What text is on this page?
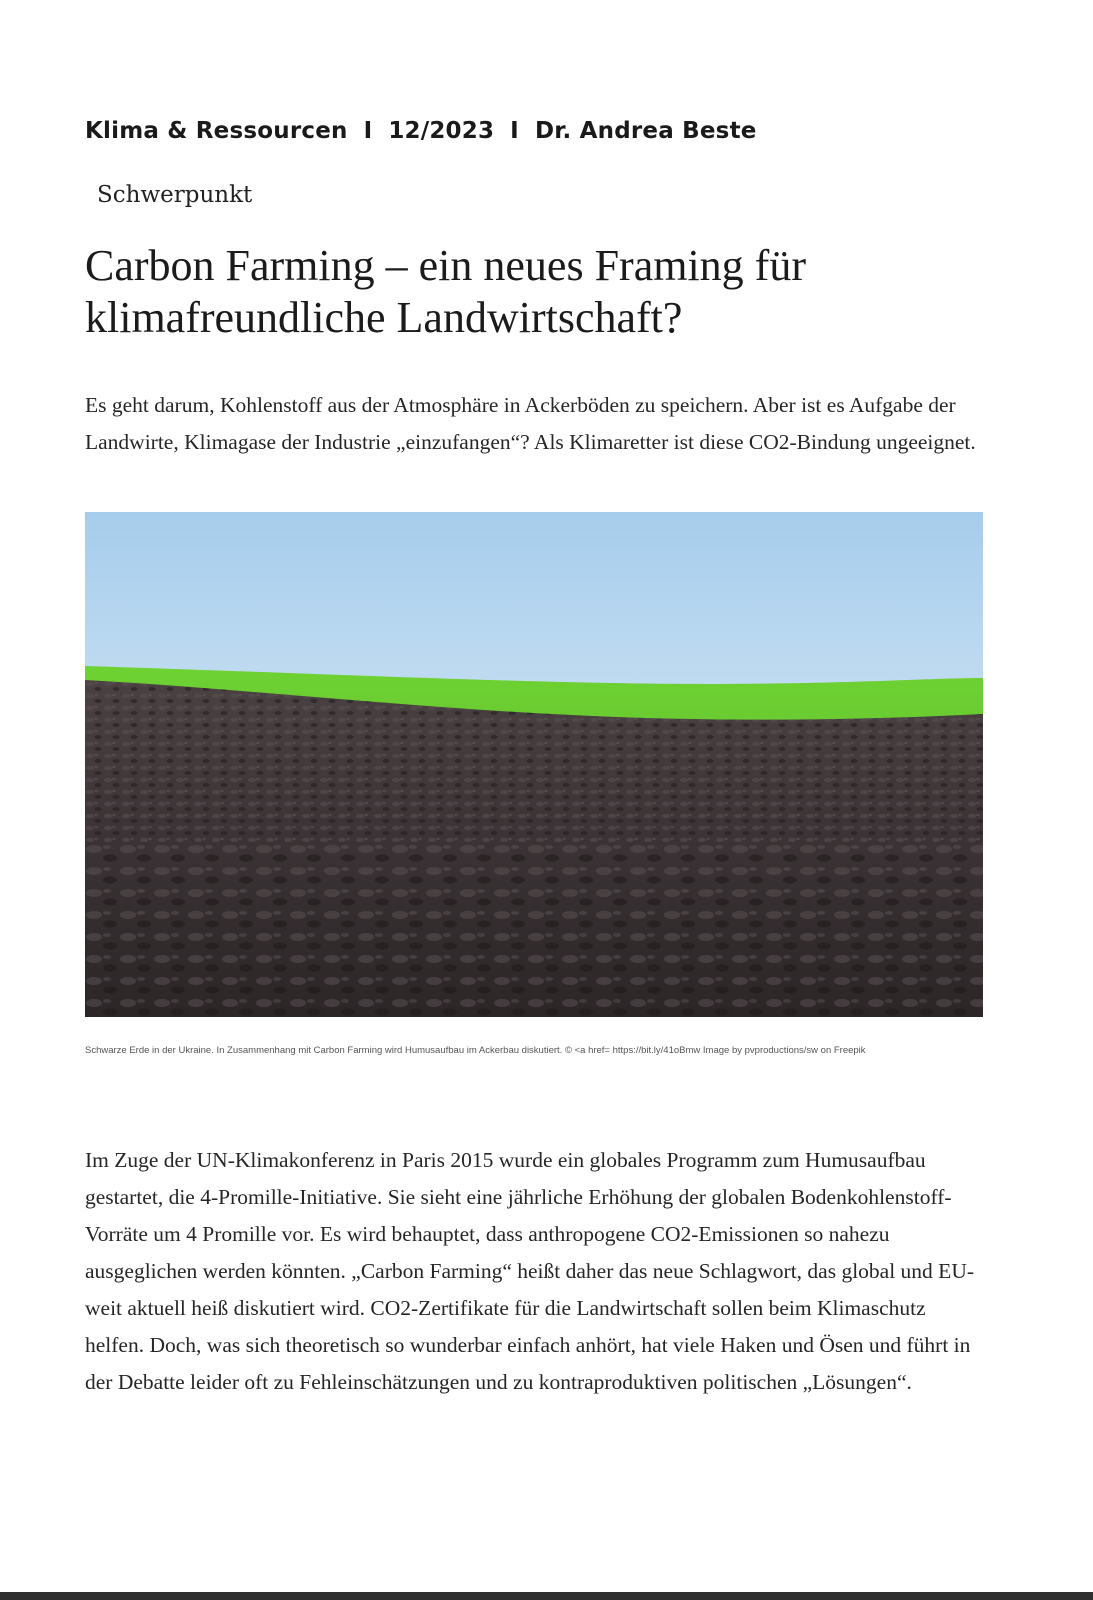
Klima & Ressourcen I 12/2023 I Dr. Andrea Beste
Schwerpunkt
Carbon Farming – ein neues Framing für klimafreundliche Landwirtschaft?

Es geht darum, Kohlenstoff aus der Atmosphäre in Ackerböden zu speichern. Aber ist es Aufgabe der Landwirte, Klimagase der Industrie „einzufangen“? Als Klimaretter ist diese CO2-Bindung ungeeignet.

Schwarze Erde in der Ukraine. In Zusammenhang mit Carbon Farming wird Humusaufbau im Ackerbau diskutiert. © <a href= https://bit.ly/41oBmw Image by pvproductions/sw on Freepik

Im Zuge der UN-Klimakonferenz in Paris 2015 wurde ein globales Programm zum Humusaufbau gestartet, die 4-Promille-Initiative. Sie sieht eine jährliche Erhöhung der globalen Bodenkohlenstoff-Vorräte um 4 Promille vor. Es wird behauptet, dass anthropogene CO2-Emissionen so nahezu ausgeglichen werden könnten. „Carbon Farming“ heißt daher das neue Schlagwort, das global und EU-weit aktuell heiß diskutiert wird. CO2-Zertifikate für die Landwirtschaft sollen beim Klimaschutz helfen. Doch, was sich theoretisch so wunderbar einfach anhört, hat viele Haken und Ösen und führt in der Debatte leider oft zu Fehleinschätzungen und zu kontraproduktiven politischen „Lösungen“.
